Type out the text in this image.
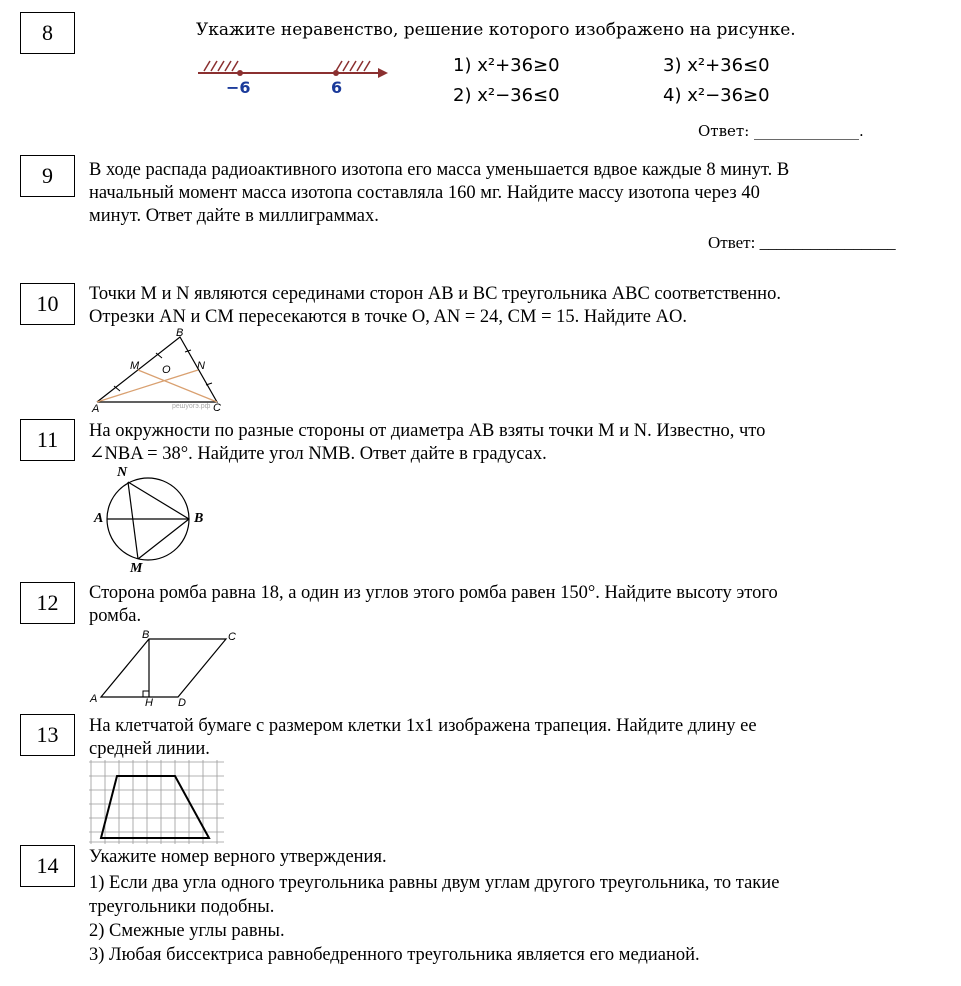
8	Укажите неравенство, решение которого изображено на рисунке.
−6	6
1) x²+36≥0
2) x²−36≤0
3) x²+36≤0
4) x²−36≥0
Ответ: ______________.
9	В ходе распада радиоактивного изотопа его масса уменьшается вдвое каждые 8 минут. В
начальный момент масса изотопа составляла 160 мг. Найдите массу изотопа через 40
минут. Ответ дайте в миллиграммах.
Ответ: ________________
10	Точки M и N являются серединами сторон AB и BC треугольника ABC соответственно.
Отрезки AN и CM пересекаются в точке O, AN = 24, CM = 15. Найдите AO.
B
M	N
O
A	C
решуогэ.рф
11	На окружности по разные стороны от диаметра AB взяты точки M и N. Известно, что
∠NBA = 38°. Найдите угол NMB. Ответ дайте в градусах.
N
A	B
M
12	Сторона ромба равна 18, а один из углов этого ромба равен 150°. Найдите высоту этого
ромба.
B	C
A	H D
13	На клетчатой бумаге с размером клетки 1х1 изображена трапеция. Найдите длину ее
средней линии.
14	Укажите номер верного утверждения.
1) Если два угла одного треугольника равны двум углам другого треугольника, то такие
треугольники подобны.
2) Смежные углы равны.
3) Любая биссектриса равнобедренного треугольника является его медианой.
